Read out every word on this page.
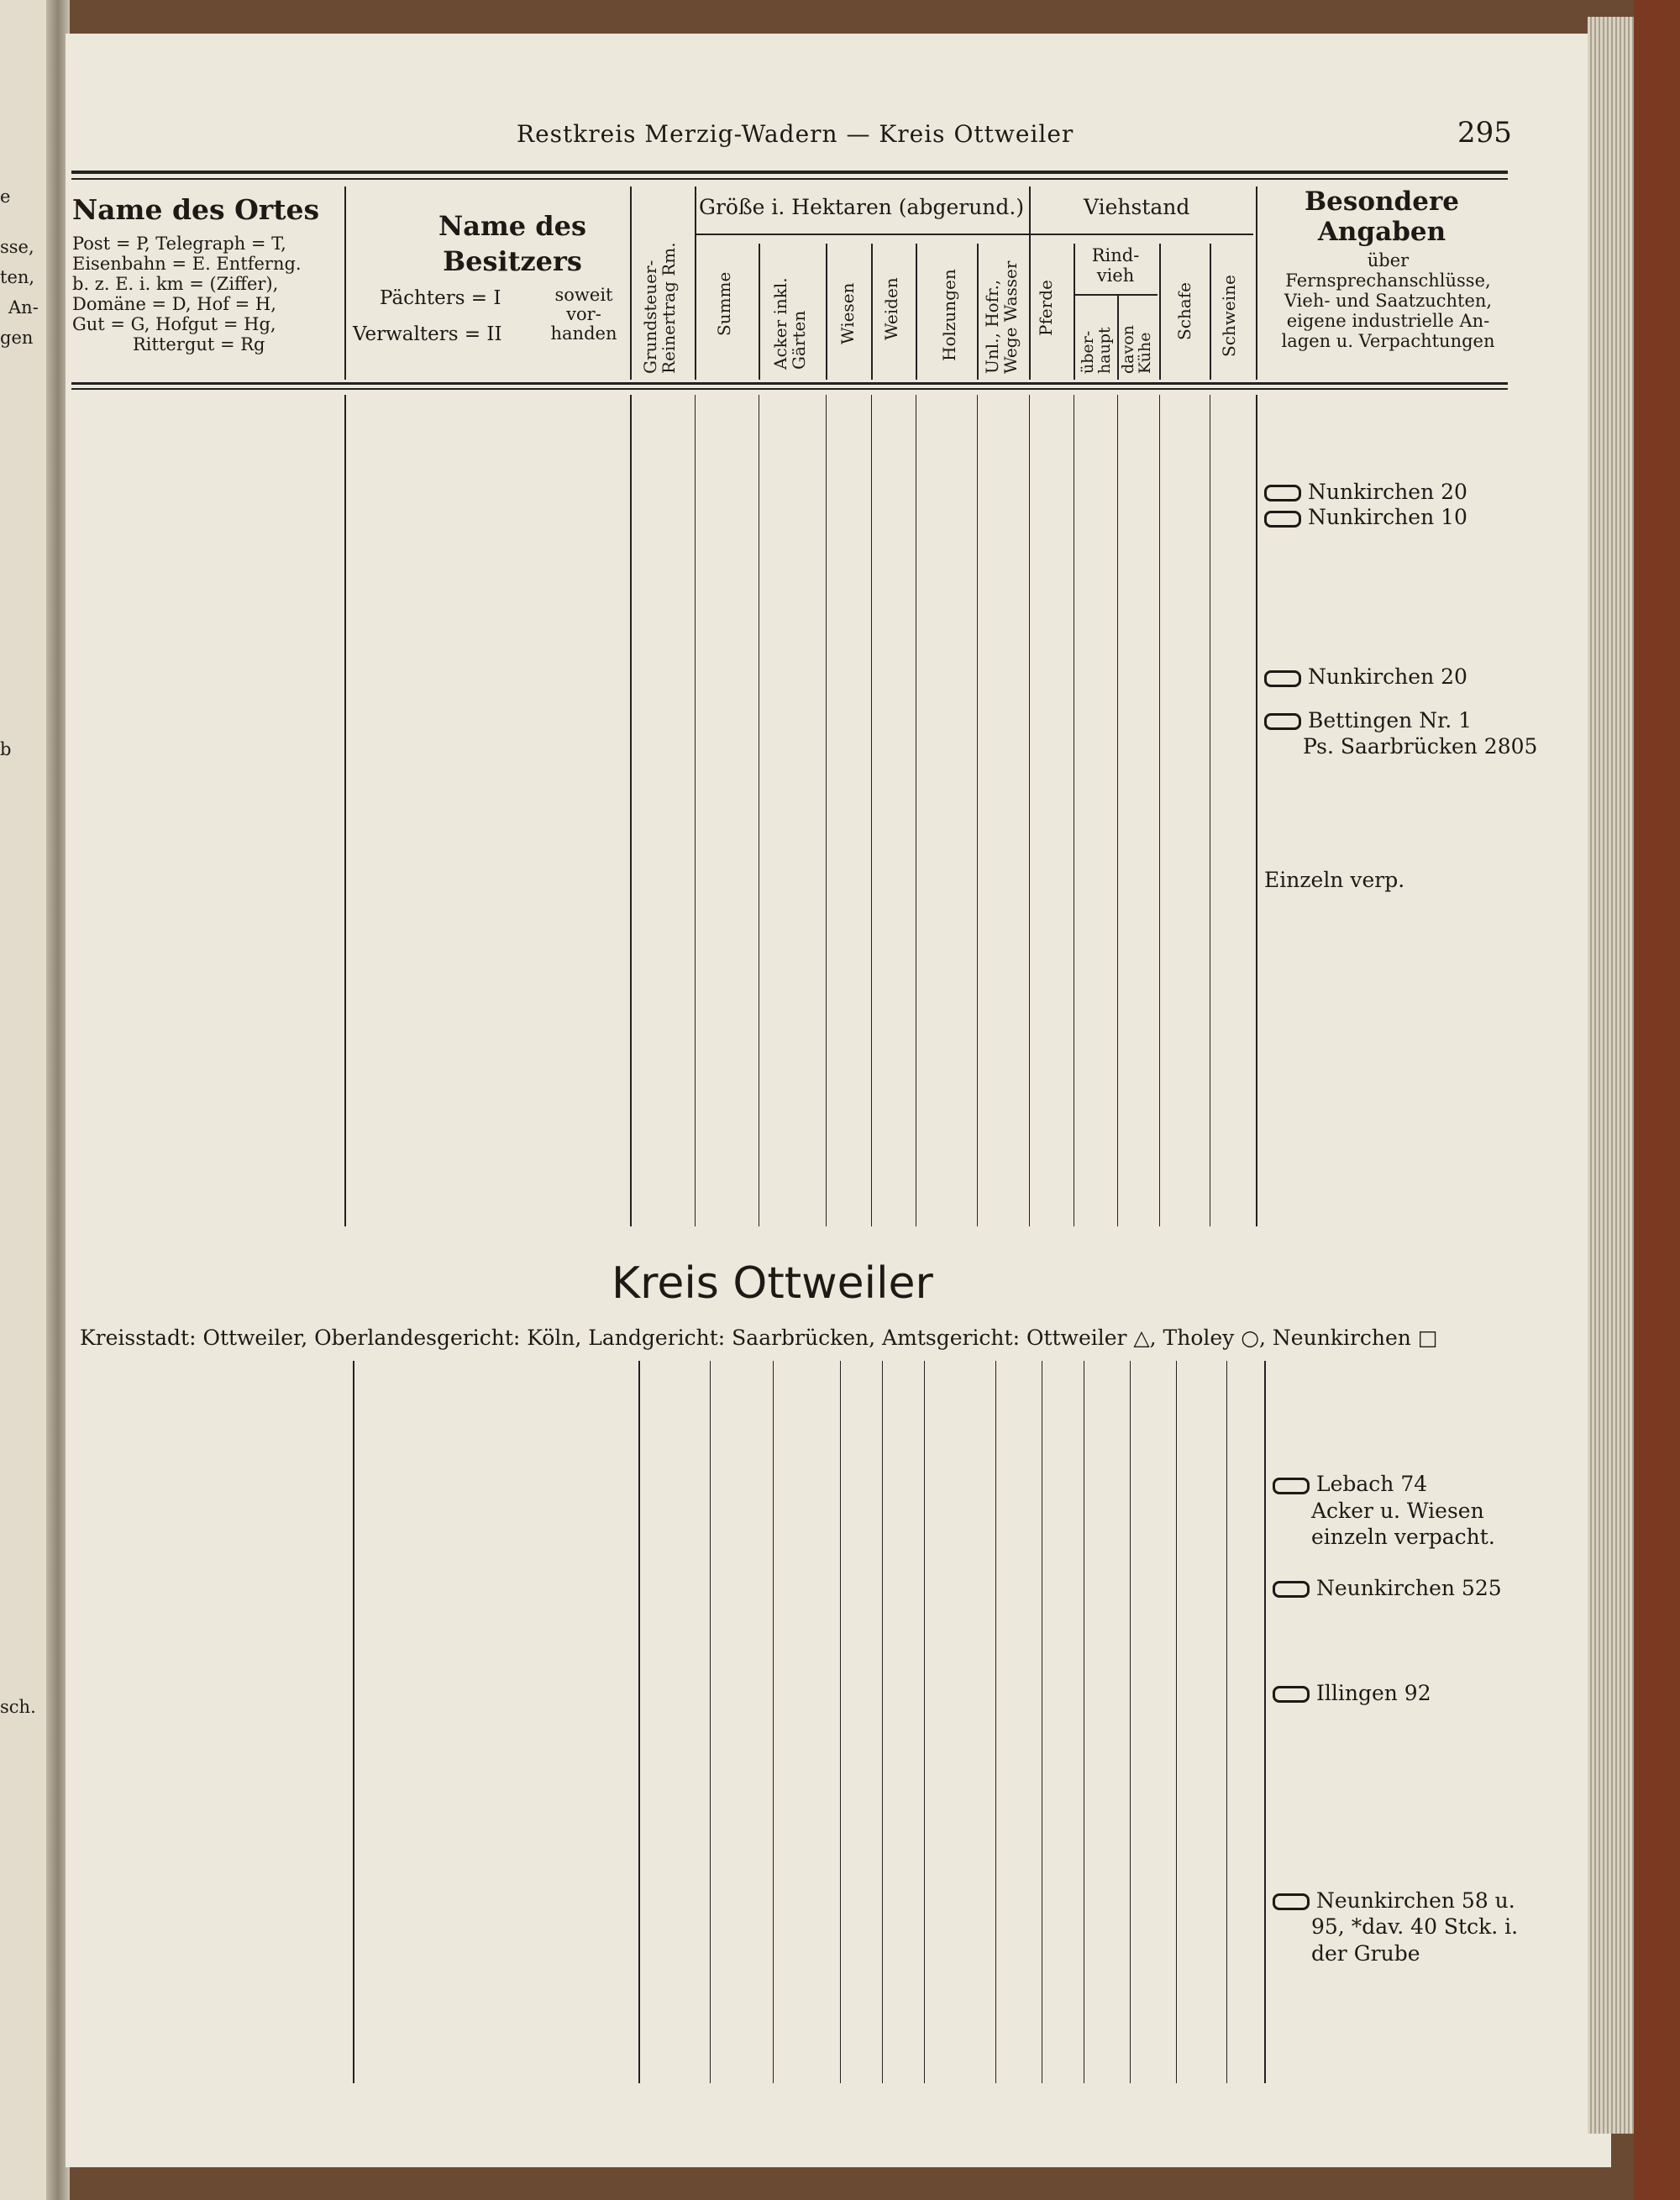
e
sse,
ten,
An-
gen
b
sch.
Restkreis Merzig-Wadern — Kreis Ottweiler	295
Name des Ortes
Post = P, Telegraph = T,
Eisenbahn = E. Entferng.
b. z. E. i. km = (Ziffer),
Domäne = D, Hof = H,
Gut = G, Hofgut = Hg,
Rittergut = Rg
Name des Besitzers
Pächters = I
Verwalters = II
soweit vor- handen Grundsteuer- Reinertrag Rm.
Größe i. Hektaren (abgerund.)
Summe Acker inkl. Gärten Wiesen Weiden Holzungen Unl., Hofr., Wege Wasser
Viehstand
Pferde
Rind- vieh
über- haupt davon Kühe
Schafe Schweine
Besondere Angaben
über
Fernsprechanschlüsse,
Vieh- und Saatzuchten,
eigene industrielle An-
lagen u. Verpachtungen
Nunkirchen 20
Nunkirchen 10
Nunkirchen 20
Bettingen Nr. 1
Ps. Saarbrücken 2805
Einzeln verp.
Kreis Ottweiler
Kreisstadt: Ottweiler, Oberlandesgericht: Köln, Landgericht: Saarbrücken, Amtsgericht: Ottweiler △, Tholey ○, Neunkirchen □
Lebach 74
Acker u. Wiesen
einzeln verpacht.
Neunkirchen 525
Illingen 92
Neunkirchen 58 u.
95, *dav. 40 Stck. i.
der Grube
